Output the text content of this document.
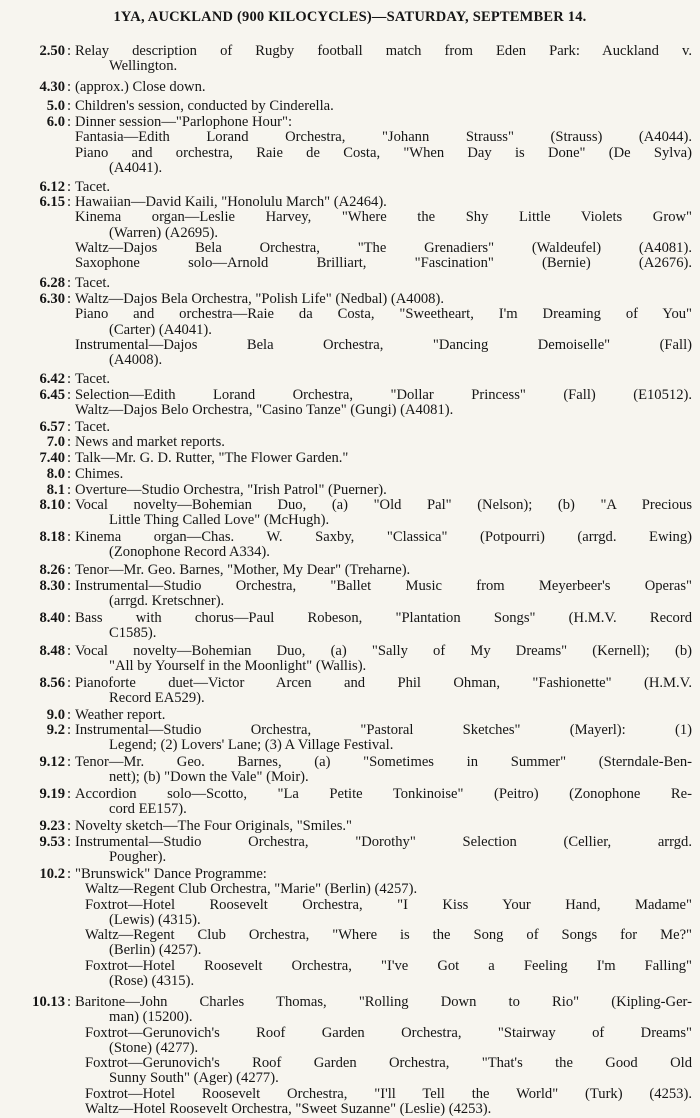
1YA, AUCKLAND (900 KILOCYCLES)—SATURDAY, SEPTEMBER 14.
2.50 : Relay description of Rugby football match from Eden Park: Auckland v.
Wellington.
4.30 : (approx.) Close down.
5.0 : Children's session, conducted by Cinderella.
6.0 : Dinner session—"Parlophone Hour":
Fantasia—Edith Lorand Orchestra, "Johann Strauss" (Strauss) (A4044).
Piano and orchestra, Raie de Costa, "When Day is Done" (De Sylva)
(A4041).
6.12 : Tacet.
6.15 : Hawaiian—David Kaili, "Honolulu March" (A2464).
Kinema organ—Leslie Harvey, "Where the Shy Little Violets Grow"
(Warren) (A2695).
Waltz—Dajos Bela Orchestra, "The Grenadiers" (Waldeufel) (A4081).
Saxophone solo—Arnold Brilliart, "Fascination" (Bernie) (A2676).
6.28 : Tacet.
6.30 : Waltz—Dajos Bela Orchestra, "Polish Life" (Nedbal) (A4008).
Piano and orchestra—Raie da Costa, "Sweetheart, I'm Dreaming of You"
(Carter) (A4041).
Instrumental—Dajos Bela Orchestra, "Dancing Demoiselle" (Fall)
(A4008).
6.42 : Tacet.
6.45 : Selection—Edith Lorand Orchestra, "Dollar Princess" (Fall) (E10512).
Waltz—Dajos Belo Orchestra, "Casino Tanze" (Gungi) (A4081).
6.57 : Tacet.
7.0 : News and market reports.
7.40 : Talk—Mr. G. D. Rutter, "The Flower Garden."
8.0 : Chimes.
8.1 : Overture—Studio Orchestra, "Irish Patrol" (Puerner).
8.10 : Vocal novelty—Bohemian Duo, (a) "Old Pal" (Nelson); (b) "A Precious
Little Thing Called Love" (McHugh).
8.18 : Kinema organ—Chas. W. Saxby, "Classica" (Potpourri) (arrgd. Ewing)
(Zonophone Record A334).
8.26 : Tenor—Mr. Geo. Barnes, "Mother, My Dear" (Treharne).
8.30 : Instrumental—Studio Orchestra, "Ballet Music from Meyerbeer's Operas"
(arrgd. Kretschner).
8.40 : Bass with chorus—Paul Robeson, "Plantation Songs" (H.M.V. Record
C1585).
8.48 : Vocal novelty—Bohemian Duo, (a) "Sally of My Dreams" (Kernell); (b)
"All by Yourself in the Moonlight" (Wallis).
8.56 : Pianoforte duet—Victor Arcen and Phil Ohman, "Fashionette" (H.M.V.
Record EA529).
9.0 : Weather report.
9.2 : Instrumental—Studio Orchestra, "Pastoral Sketches" (Mayerl): (1)
Legend; (2) Lovers' Lane; (3) A Village Festival.
9.12 : Tenor—Mr. Geo. Barnes, (a) "Sometimes in Summer" (Sterndale-Ben-
nett); (b) "Down the Vale" (Moir).
9.19 : Accordion solo—Scotto, "La Petite Tonkinoise" (Peitro) (Zonophone Re-
cord EE157).
9.23 : Novelty sketch—The Four Originals, "Smiles."
9.53 : Instrumental—Studio Orchestra, "Dorothy" Selection (Cellier, arrgd.
Pougher).
10.2 : "Brunswick" Dance Programme:
Waltz—Regent Club Orchestra, "Marie" (Berlin) (4257).
Foxtrot—Hotel Roosevelt Orchestra, "I Kiss Your Hand, Madame"
(Lewis) (4315).
Waltz—Regent Club Orchestra, "Where is the Song of Songs for Me?"
(Berlin) (4257).
Foxtrot—Hotel Roosevelt Orchestra, "I've Got a Feeling I'm Falling"
(Rose) (4315).
10.13 : Baritone—John Charles Thomas, "Rolling Down to Rio" (Kipling-Ger-
man) (15200).
Foxtrot—Gerunovich's Roof Garden Orchestra, "Stairway of Dreams"
(Stone) (4277).
Foxtrot—Gerunovich's Roof Garden Orchestra, "That's the Good Old
Sunny South" (Ager) (4277).
Foxtrot—Hotel Roosevelt Orchestra, "I'll Tell the World" (Turk) (4253).
Waltz—Hotel Roosevelt Orchestra, "Sweet Suzanne" (Leslie) (4253).
